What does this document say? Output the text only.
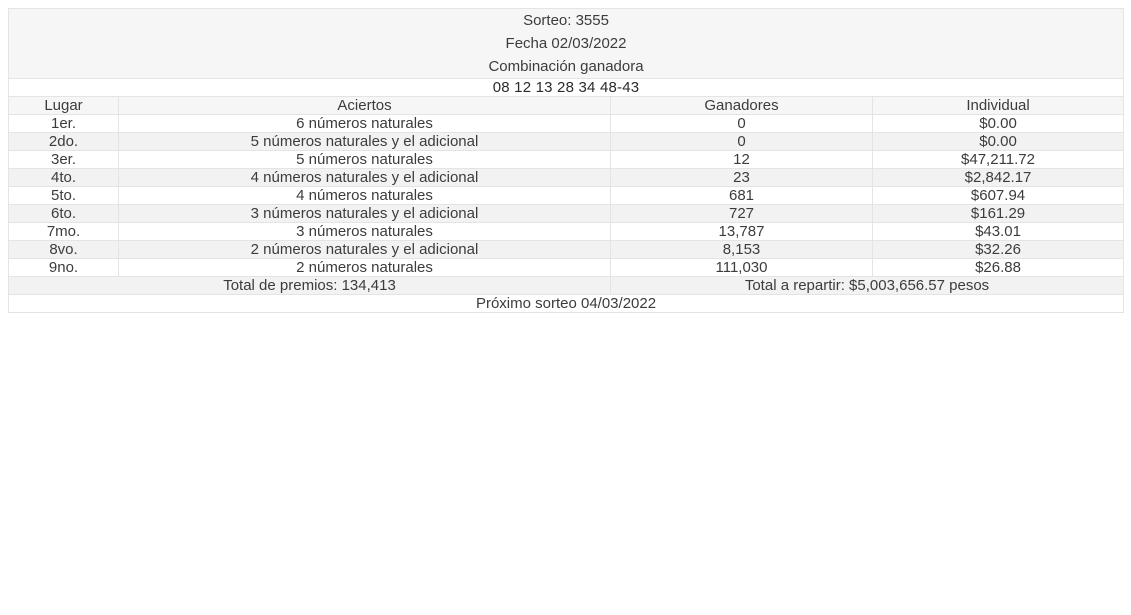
Sorteo: 3555
Fecha 02/03/2022
Combinación ganadora			

08 12 13 28 34 48-43			
Lugar	Aciertos	Ganadores	Individual
1er.	6 números naturales	0	$0.00
2do.	5 números naturales y el adicional	0	$0.00
3er.	5 números naturales	12	$47,211.72
4to.	4 números naturales y el adicional	23	$2,842.17
5to.	4 números naturales	681	$607.94
6to.	3 números naturales y el adicional	727	$161.29
7mo.	3 números naturales	13,787	$43.01
8vo.	2 números naturales y el adicional	8,153	$32.26
9no.	2 números naturales	111,030	$26.88
Total de premios: 134,413		Total a repartir: $5,003,656.57 pesos	
Próximo sorteo 04/03/2022			
